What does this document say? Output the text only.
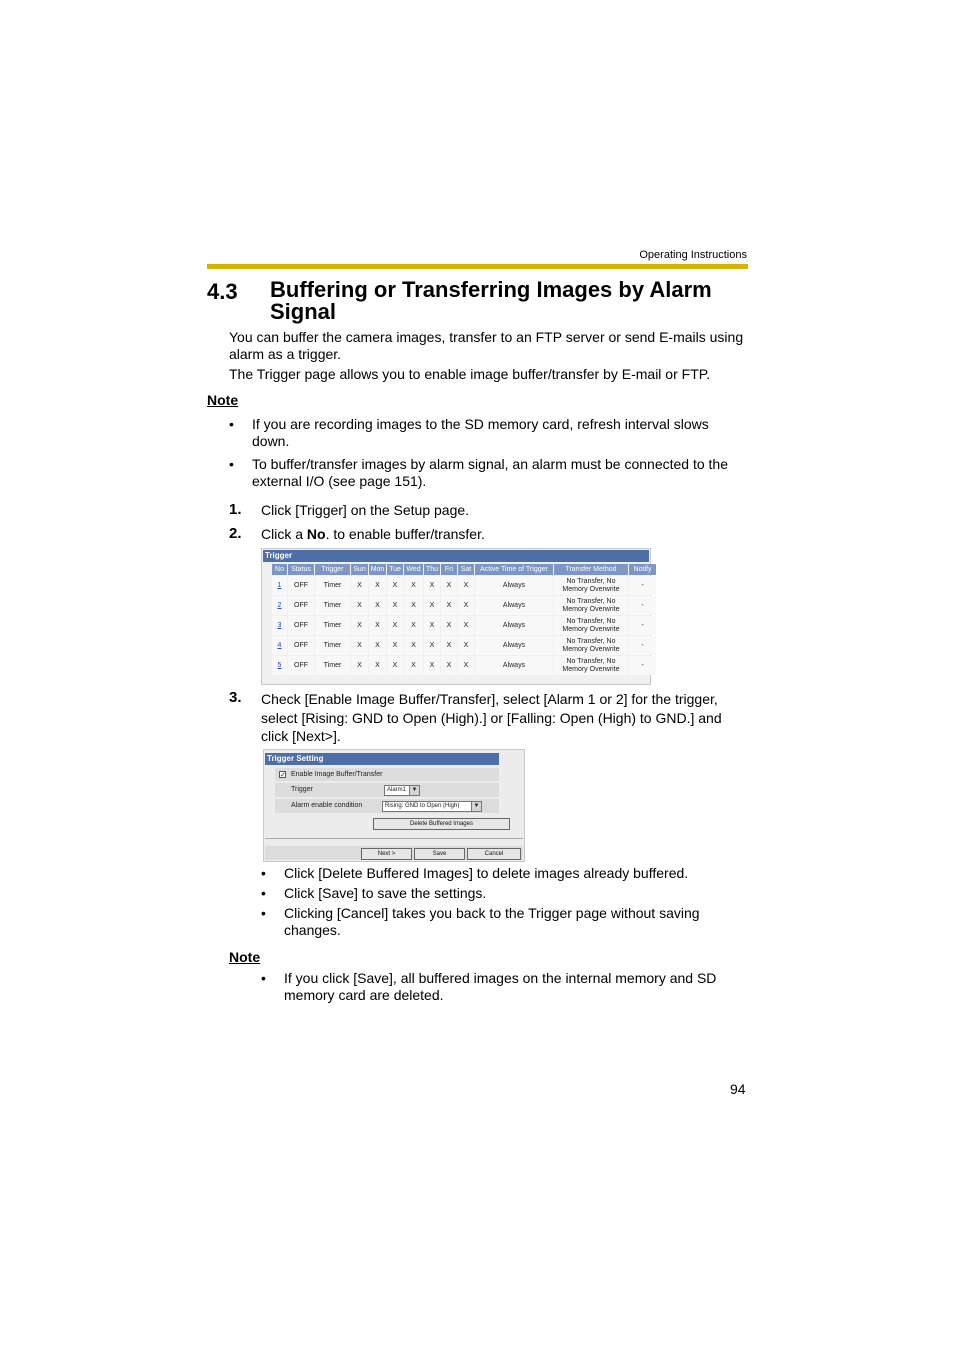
Operating Instructions
4.3 Buffering or Transferring Images by Alarm Signal
You can buffer the camera images, transfer to an FTP server or send E-mails using alarm as a trigger.
The Trigger page allows you to enable image buffer/transfer by E-mail or FTP.
Note
• If you are recording images to the SD memory card, refresh interval slows down.
• To buffer/transfer images by alarm signal, an alarm must be connected to the external I/O (see page 151).
1. Click [Trigger] on the Setup page.
2. Click a No. to enable buffer/transfer.
Trigger
No	Status	Trigger	Sun	Mon	Tue	Wed	Thu	Fri	Sat	Active Time of Trigger	Transfer Method	Notify
1	OFF	Timer	X	X	X	X	X	X	X	Always	No Transfer, No Memory Overwrite	-
2	OFF	Timer	X	X	X	X	X	X	X	Always	No Transfer, No Memory Overwrite	-
3	OFF	Timer	X	X	X	X	X	X	X	Always	No Transfer, No Memory Overwrite	-
4	OFF	Timer	X	X	X	X	X	X	X	Always	No Transfer, No Memory Overwrite	-
5	OFF	Timer	X	X	X	X	X	X	X	Always	No Transfer, No Memory Overwrite	-
3. Check [Enable Image Buffer/Transfer], select [Alarm 1 or 2] for the trigger, select [Rising: GND to Open (High).] or [Falling: Open (High) to GND.] and click [Next>].
Trigger Setting
✓ Enable Image Buffer/Transfer
Trigger	Alarm1 ▼
Alarm enable condition	Rising: GND to Open (High)	▼
Delete Buffered Images
Next >	Save	Cancel
• Click [Delete Buffered Images] to delete images already buffered.
• Click [Save] to save the settings.
• Clicking [Cancel] takes you back to the Trigger page without saving changes.
Note
• If you click [Save], all buffered images on the internal memory and SD memory card are deleted.
94
